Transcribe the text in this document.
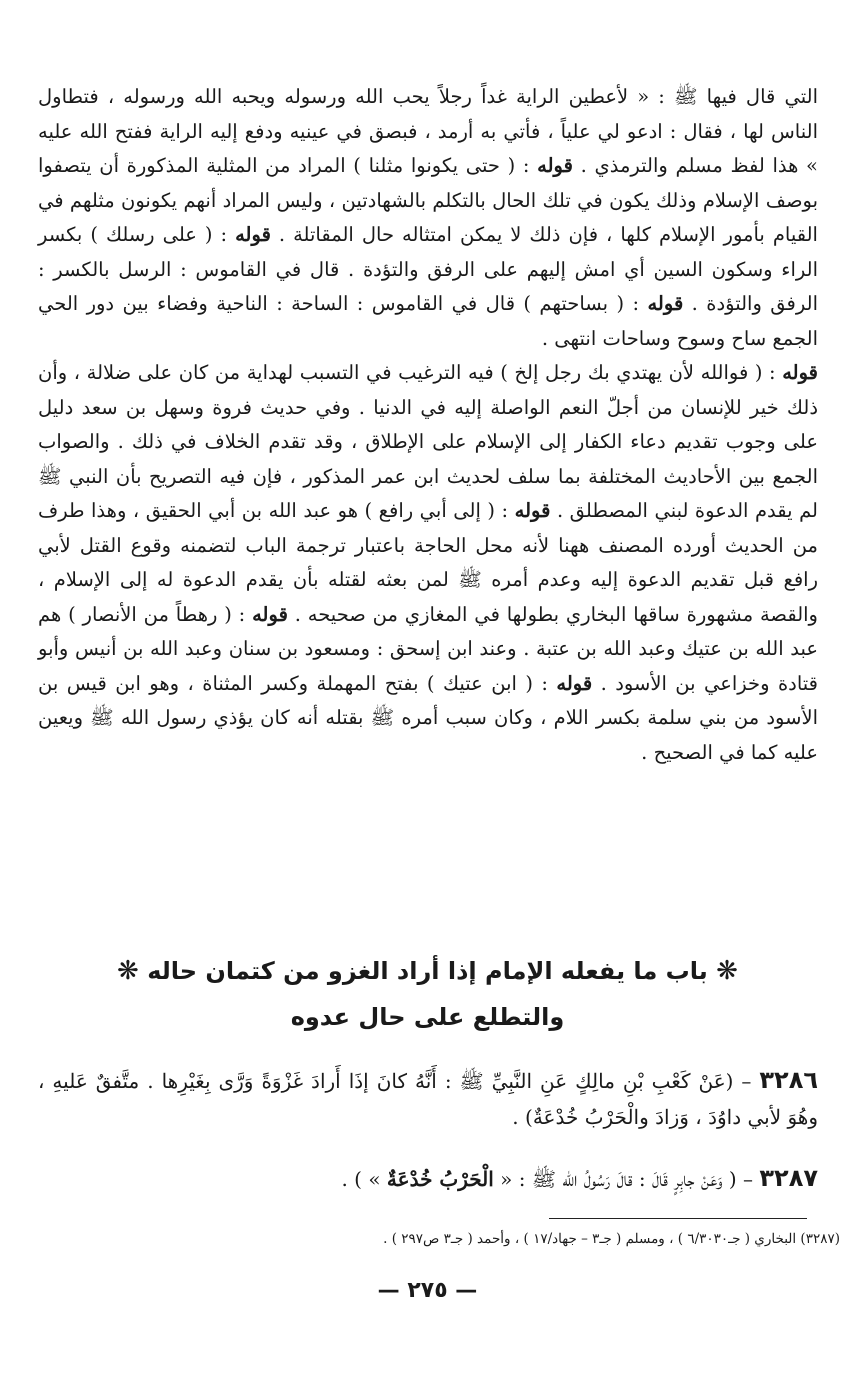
التي قال فيها ﷺ : « لأعطين الراية غداً رجلاً يحب الله ورسوله ويحبه الله ورسوله ، فتطاول الناس لها ، فقال : ادعو لي علياً ، فأتي به أرمد ، فبصق في عينيه ودفع إليه الراية ففتح الله عليه » هذا لفظ مسلم والترمذي . قوله : ( حتى يكونوا مثلنا ) المراد من المثلية المذكورة أن يتصفوا بوصف الإسلام وذلك يكون في تلك الحال بالتكلم بالشهادتين ، وليس المراد أنهم يكونون مثلهم في القيام بأمور الإسلام كلها ، فإن ذلك لا يمكن امتثاله حال المقاتلة . قوله : ( على رسلك ) بكسر الراء وسكون السين أي امش إليهم على الرفق والتؤدة . قال في القاموس : الرسل بالكسر : الرفق والتؤدة . قوله : ( بساحتهم ) قال في القاموس : الساحة : الناحية وفضاء بين دور الحي الجمع ساح وسوح وساحات انتهى .

قوله : ( فوالله لأن يهتدي بك رجل إلخ ) فيه الترغيب في التسبب لهداية من كان على ضلالة ، وأن ذلك خير للإنسان من أجلّ النعم الواصلة إليه في الدنيا . وفي حديث فروة وسهل بن سعد دليل على وجوب تقديم دعاء الكفار إلى الإسلام على الإطلاق ، وقد تقدم الخلاف في ذلك . والصواب الجمع بين الأحاديث المختلفة بما سلف لحديث ابن عمر المذكور ، فإن فيه التصريح بأن النبي ﷺ لم يقدم الدعوة لبني المصطلق . قوله : ( إلى أبي رافع ) هو عبد الله بن أبي الحقيق ، وهذا طرف من الحديث أورده المصنف ههنا لأنه محل الحاجة باعتبار ترجمة الباب لتضمنه وقوع القتل لأبي رافع قبل تقديم الدعوة إليه وعدم أمره ﷺ لمن بعثه لقتله بأن يقدم الدعوة له إلى الإسلام ، والقصة مشهورة ساقها البخاري بطولها في المغازي من صحيحه . قوله : ( رهطاً من الأنصار ) هم عبد الله بن عتيك وعبد الله بن عتبة . وعند ابن إسحق : ومسعود بن سنان وعبد الله بن أنيس وأبو قتادة وخزاعي بن الأسود . قوله : ( ابن عتيك ) بفتح المهملة وكسر المثناة ، وهو ابن قيس بن الأسود من بني سلمة بكسر اللام ، وكان سبب أمره ﷺ بقتله أنه كان يؤذي رسول الله ﷺ ويعين عليه كما في الصحيح .

❋ باب ما يفعله الإمام إذا أراد الغزو من كتمان حاله ❋
والتطلع على حال عدوه

٣٢٨٦ – (عَنْ كَعْبِ بْنِ مالِكٍ عَنِ النَّبِيِّ ﷺ : أَنَّهُ كانَ إذَا أَرادَ غَزْوَةً وَرَّى بِغَيْرِها . متَّفقٌ عَليهِ ، وهُوَ لأبي داوُدَ ، وَزادَ والْحَرْبُ خُدْعَةٌ) .

٣٢٨٧ – ( وَعَنْ جابِرٍ قَالَ : قالَ رَسُولُ الله ﷺ : « الْحَرْبُ خُدْعَةٌ » ) .

(٣٢٨٧) البخاري ( جـ٦/٣٠٣٠ ) ، ومسلم ( جـ٣ – جهاد/١٧ ) ، وأحمد ( جـ٣ ص٢٩٧ ) .
— ٢٧٥ —
